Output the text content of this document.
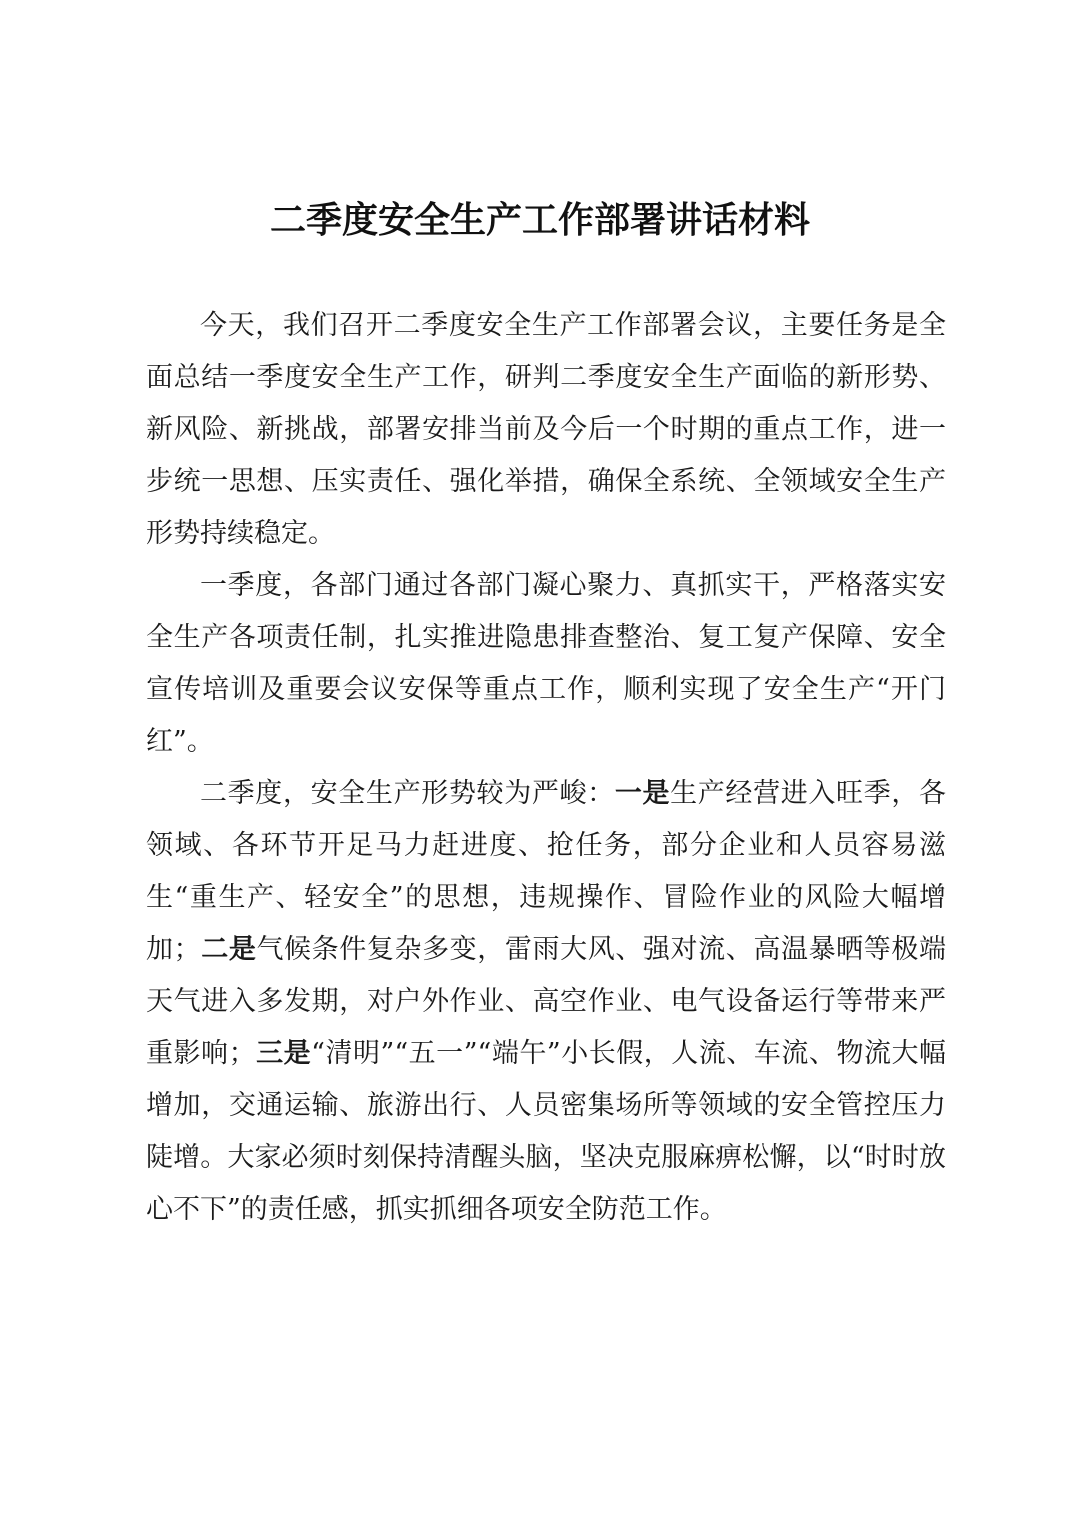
二季度安全生产工作部署讲话材料

今天，我们召开二季度安全生产工作部署会议，主要任务是全面总结一季度安全生产工作，研判二季度安全生产面临的新形势、新风险、新挑战，部署安排当前及今后一个时期的重点工作，进一步统一思想、压实责任、强化举措，确保全系统、全领域安全生产形势持续稳定。

一季度，各部门通过各部门凝心聚力、真抓实干，严格落实安全生产各项责任制，扎实推进隐患排查整治、复工复产保障、安全宣传培训及重要会议安保等重点工作，顺利实现了安全生产“开门红”。

二季度，安全生产形势较为严峻：一是生产经营进入旺季，各领域、各环节开足马力赶进度、抢任务，部分企业和人员容易滋生“重生产、轻安全”的思想，违规操作、冒险作业的风险大幅增加；二是气候条件复杂多变，雷雨大风、强对流、高温暴晒等极端天气进入多发期，对户外作业、高空作业、电气设备运行等带来严重影响；三是“清明”“五一”“端午”小长假，人流、车流、物流大幅增加，交通运输、旅游出行、人员密集场所等领域的安全管控压力陡增。大家必须时刻保持清醒头脑，坚决克服麻痹松懈，以“时时放心不下”的责任感，抓实抓细各项安全防范工作。
